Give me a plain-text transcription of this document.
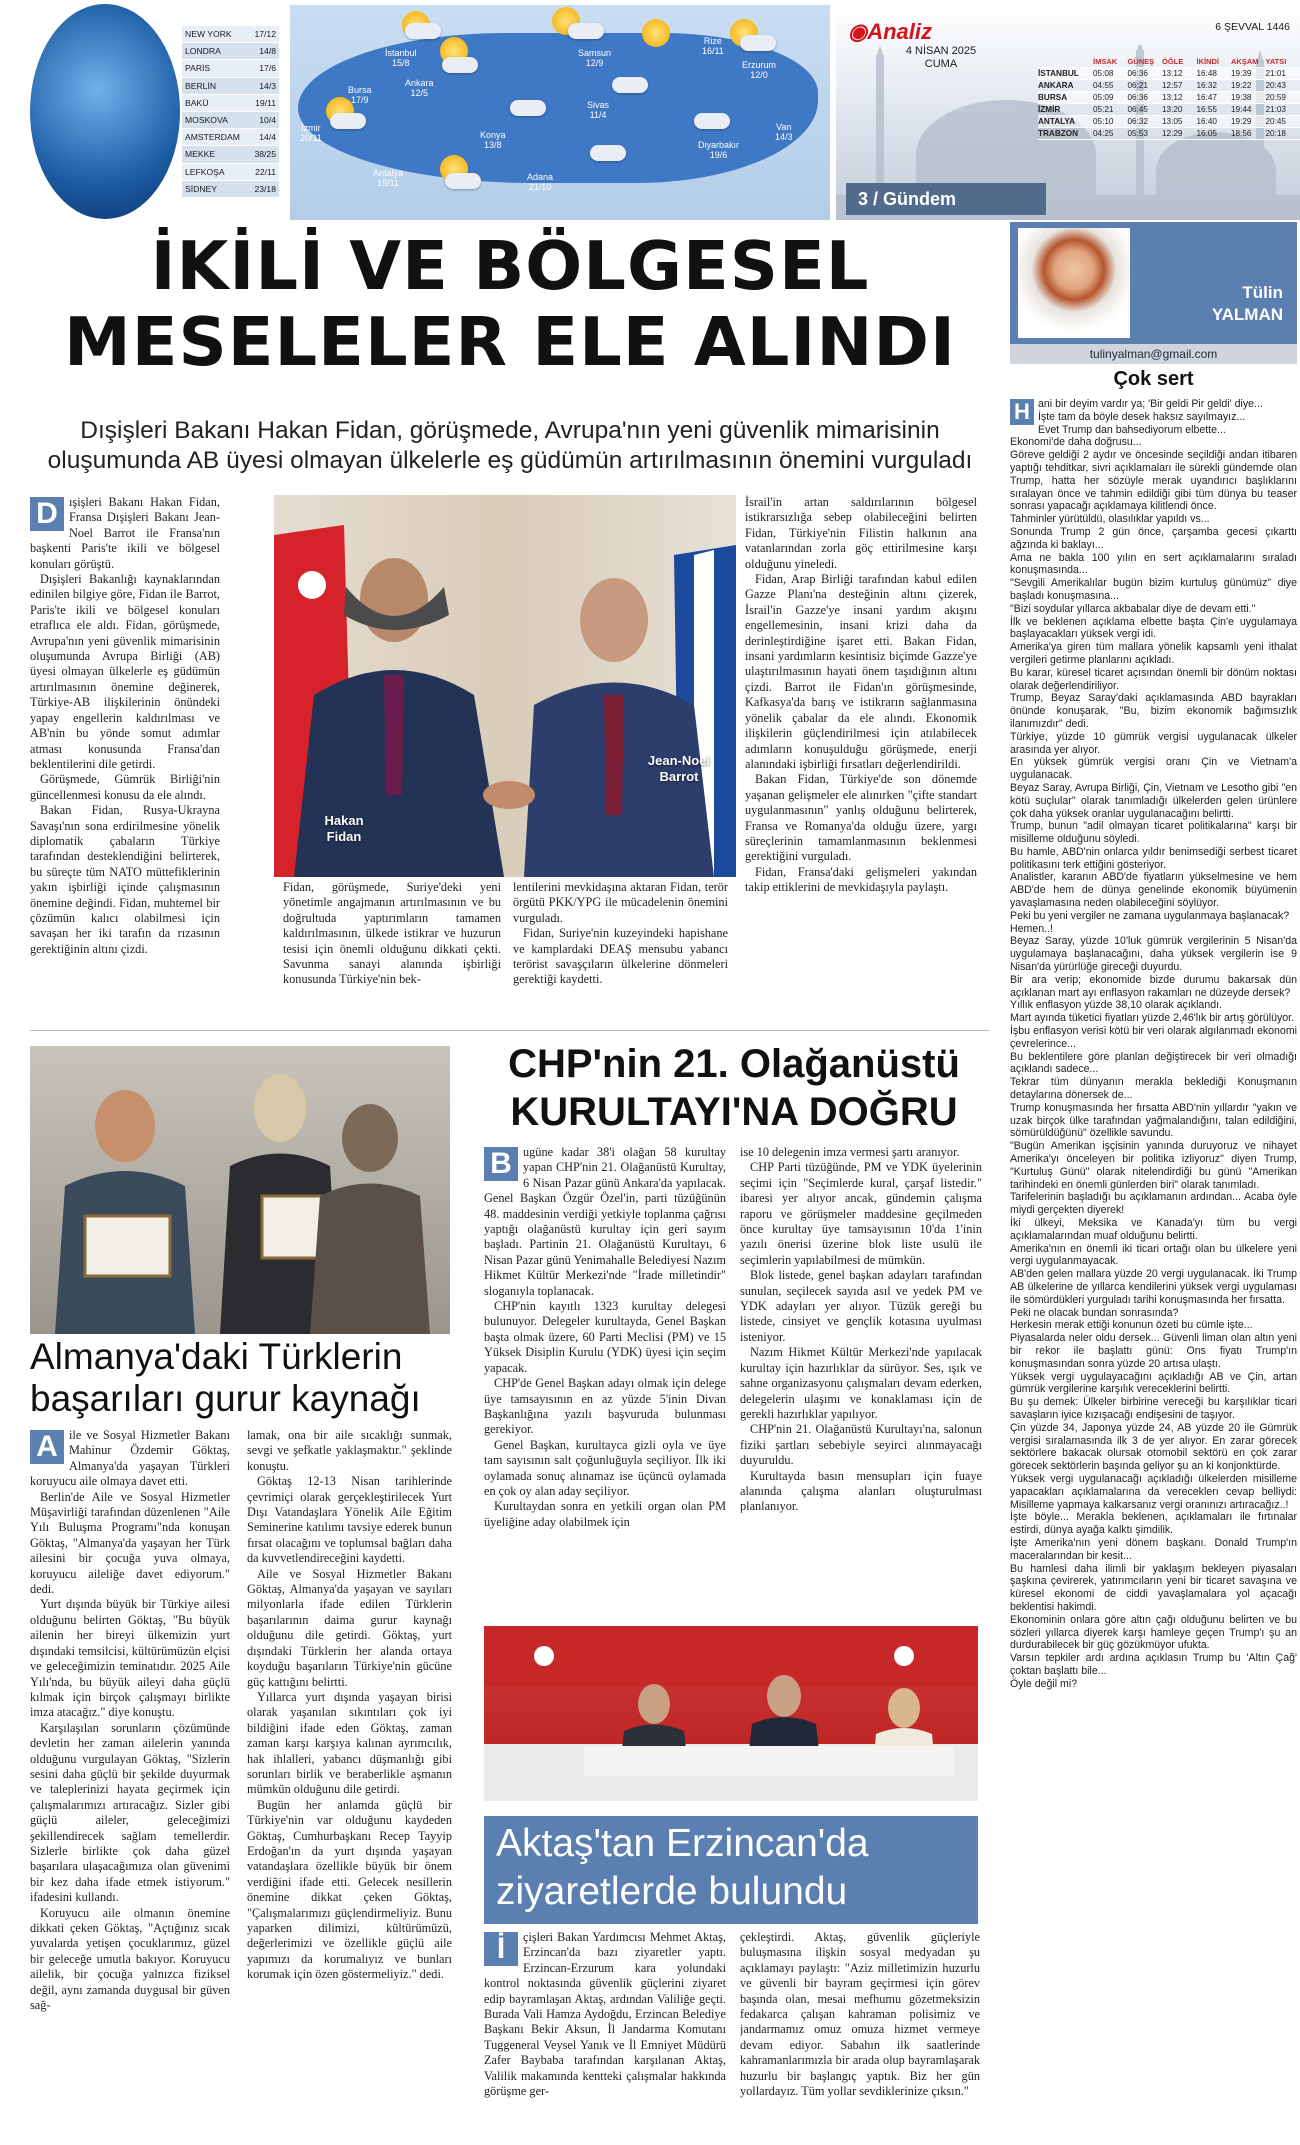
NEW YORK	17/12
LONDRA	14/8
PARİS	17/6
BERLİN	14/3
BAKÜ	19/11
MOSKOVA	10/4
AMSTERDAM 14/4
MEKKE	38/25
LEFKOŞA	22/11
SİDNEY	23/18
İstanbul
15/8
Ankara
12/5
Bursa
17/9
İzmir
20/11
Samsun
12/9
Rize
16/11
Erzurum
12/0
Sivas
11/4
Konya
13/8
Van
14/3
Diyarbakır
19/6
Adana
21/10
Antalya
19/11
◉Analiz	6 ŞEVVAL 1446
4 NİSAN 2025
CUMA	İMSAK	GÜNEŞ	ÖĞLE	İKİNDİ	AKŞAM YATSI
İSTANBUL	05:08	06:36	13:12	16:48	19:39	21:01
ANKARA	04:55	06:21	12:57	16:32	19:22	20:43
BURSA	05:09	06:36	13:12	16:47	19:38	20:59
İZMİR	05:21	06:45	13:20	16:55	19:44	21:03
ANTALYA	05:10	06:32	13:05	16:40	19:29	20:45
TRABZON	04:25	05:53	12:29	16:05	18:56	20:18
3 / Gündem
İKİLİ VE BÖLGESEL
MESELELER ELE ALINDI
Dışişleri Bakanı Hakan Fidan, görüşmede, Avrupa'nın yeni güvenlik mimarisinin oluşumunda AB üyesi olmayan ülkelerle eş güdümün artırılmasının önemini vurguladı

D ışişleri Bakanı Hakan Fidan, Fransa Dışişleri Bakanı Jean-Noel Barrot ile Fransa'nın başkenti Paris'te ikili ve bölgesel konuları görüştü.

Dışişleri Bakanlığı kaynaklarından edinilen bilgiye göre, Fidan ile Barrot, Paris'te ikili ve bölgesel konuları etraflıca ele aldı. Fidan, görüşmede, Avrupa'nın yeni güvenlik mimarisinin oluşumunda Avrupa Birliği (AB) üyesi olmayan ülkelerle eş güdümün artırılmasının önemine değinerek, Türkiye-AB ilişkilerinin önündeki yapay engellerin kaldırılması ve AB'nin bu yönde somut adımlar atması konusunda Fransa'dan beklentilerini dile getirdi.

Görüşmede, Gümrük Birliği'nin güncellenmesi konusu da ele alındı.

Bakan Fidan, Rusya-Ukrayna Savaşı'nın sona erdirilmesine yönelik diplomatik çabaların Türkiye tarafından desteklendiğini belirterek, bu süreçte tüm NATO müttefiklerinin yakın işbirliği içinde çalışmasının önemine değindi. Fidan, muhtemel bir çözümün kalıcı olabilmesi için savaşan her iki tarafın da rızasının gerektiğinin altını çizdi.

Hakan
Fidan
Jean-Noel
Barrot

Fidan, görüşmede, Suriye'deki yeni yönetimle angajmanın artırılmasının ve bu doğrultuda yaptırımların tamamen kaldırılmasının, ülkede istikrar ve huzurun tesisi için önemli olduğunu dikkati çekti. Savunma sanayi alanında işbirliği konusunda Türkiye'nin bek-

lentilerini mevkidaşına aktaran Fidan, terör örgütü PKK/YPG ile mücadelenin önemini vurguladı.

Fidan, Suriye'nin kuzeyindeki hapishane ve kamplardaki DEAŞ mensubu yabancı terörist savaşçıların ülkelerine dönmeleri gerektiği kaydetti.

İsrail'in artan saldırılarının bölgesel istikrarsızlığa sebep olabileceğini belirten Fidan, Türkiye'nin Filistin halkının ana vatanlarından zorla göç ettirilmesine karşı olduğunu yineledi.

Fidan, Arap Birliği tarafından kabul edilen Gazze Planı'na desteğinin altını çizerek, İsrail'in Gazze'ye insani yardım akışını engellemesinin, insani krizi daha da derinleştirdiğine işaret etti. Bakan Fidan, insani yardımların kesintisiz biçimde Gazze'ye ulaştırılmasının hayati önem taşıdığının altını çizdi. Barrot ile Fidan'ın görüşmesinde, Kafkasya'da barış ve istikrarın sağlanmasına yönelik çabalar da ele alındı. Ekonomik ilişkilerin güçlendirilmesi için atılabilecek adımların konuşulduğu görüşmede, enerji alanındaki işbirliği fırsatları değerlendirildi.

Bakan Fidan, Türkiye'de son dönemde yaşanan gelişmeler ele alınırken "çifte standart uygulanmasının" yanlış olduğunu belirterek, Fransa ve Romanya'da olduğu üzere, yargı süreçlerinin tamamlanmasının beklenmesi gerektiğini vurguladı.

Fidan, Fransa'daki gelişmeleri yakından takip ettiklerini de mevkidaşıyla paylaştı.

Almanya'daki Türklerin başarıları gurur kaynağı

A ile ve Sosyal Hizmetler Bakanı Mahinur Özdemir Göktaş, Almanya'da yaşayan Türkleri koruyucu aile olmaya davet etti.

Berlin'de Aile ve Sosyal Hizmetler Müşavirliği tarafından düzenlenen "Aile Yılı Buluşma Programı"nda konuşan Göktaş, "Almanya'da yaşayan her Türk ailesini bir çocuğa yuva olmaya, koruyucu aileliğe davet ediyorum." dedi.

Yurt dışında büyük bir Türkiye ailesi olduğunu belirten Göktaş, "Bu büyük ailenin her bireyi ülkemizin yurt dışındaki temsilcisi, kültürümüzün elçisi ve geleceğimizin teminatıdır. 2025 Aile Yılı'nda, bu büyük aileyi daha güçlü kılmak için birçok çalışmayı birlikte imza atacağız." diye konuştu.

Karşılaşılan sorunların çözümünde devletin her zaman ailelerin yanında olduğunu vurgulayan Göktaş, "Sizlerin sesini daha güçlü bir şekilde duyurmak ve taleplerinizi hayata geçirmek için çalışmalarımızı artıracağız. Sizler gibi güçlü aileler, geleceğimizi şekillendirecek sağlam temellerdir. Sizlerle birlikte çok daha güzel başarılara ulaşacağımıza olan güvenimi bir kez daha ifade etmek istiyorum." ifadesini kullandı.

Koruyucu aile olmanın önemine dikkati çeken Göktaş, "Açtığınız sıcak yuvalarda yetişen çocuklarımız, güzel bir geleceğe umutla bakıyor. Koruyucu ailelik, bir çocuğa yalnızca fiziksel değil, aynı zamanda duygusal bir güven sağ-

lamak, ona bir aile sıcaklığı sunmak, sevgi ve şefkatle yaklaşmaktır." şeklinde konuştu.

Göktaş 12-13 Nisan tarihlerinde çevrimiçi olarak gerçekleştirilecek Yurt Dışı Vatandaşlara Yönelik Aile Eğitim Seminerine katılımı tavsiye ederek bunun fırsat olacağını ve toplumsal bağları daha da kuvvetlendireceğini kaydetti.

Aile ve Sosyal Hizmetler Bakanı Göktaş, Almanya'da yaşayan ve sayıları milyonlarla ifade edilen Türklerin başarılarının daima gurur kaynağı olduğunu dile getirdi. Göktaş, yurt dışındaki Türklerin her alanda ortaya koyduğu başarıların Türkiye'nin gücüne güç kattığını belirtti.

Yıllarca yurt dışında yaşayan birisi olarak yaşanılan sıkıntıları çok iyi bildiğini ifade eden Göktaş, zaman zaman karşı karşıya kalınan ayrımcılık, hak ihlalleri, yabancı düşmanlığı gibi sorunları birlik ve beraberlikle aşmanın mümkün olduğunu dile getirdi.

Bugün her anlamda güçlü bir Türkiye'nin var olduğunu kaydeden Göktaş, Cumhurbaşkanı Recep Tayyip Erdoğan'ın da yurt dışında yaşayan vatandaşlara özellikle büyük bir önem verdiğini ifade etti. Gelecek nesillerin önemine dikkat çeken Göktaş, "Çalışmalarımızı güçlendirmeliyiz. Bunu yaparken dilimizi, kültürümüzü, değerlerimizi ve özellikle güçlü aile yapımızı da korumalıyız ve bunları korumak için özen göstermeliyiz." dedi.

CHP'nin 21. Olağanüstü KURULTAYI'NA DOĞRU

B ugüne kadar 38'i olağan 58 kurultay yapan CHP'nin 21. Olağanüstü Kurultay, 6 Nisan Pazar günü Ankara'da yapılacak. Genel Başkan Özgür Özel'in, parti tüzüğünün 48. maddesinin verdiği yetkiyle toplanma çağrısı yaptığı olağanüstü kurultay için geri sayım başladı. Partinin 21. Olağanüstü Kurultayı, 6 Nisan Pazar günü Yenimahalle Belediyesi Nazım Hikmet Kültür Merkezi'nde "İrade milletindir" sloganıyla toplanacak.

CHP'nin kayıtlı 1323 kurultay delegesi bulunuyor. Delegeler kurultayda, Genel Başkan başta olmak üzere, 60 Parti Meclisi (PM) ve 15 Yüksek Disiplin Kurulu (YDK) üyesi için seçim yapacak.

CHP'de Genel Başkan adayı olmak için delege üye tamsayısının en az yüzde 5'inin Divan Başkanlığına yazılı başvuruda bulunması gerekiyor.

Genel Başkan, kurultayca gizli oyla ve üye tam sayısının salt çoğunluğuyla seçiliyor. İlk iki oylamada sonuç alınamaz ise üçüncü oylamada en çok oy alan aday seçiliyor.

Kurultaydan sonra en yetkili organ olan PM üyeliğine aday olabilmek için

ise 10 delegenin imza vermesi şartı aranıyor.

CHP Parti tüzüğünde, PM ve YDK üyelerinin seçimi için "Seçimlerde kural, çarşaf listedir." ibaresi yer alıyor ancak, gündemin çalışma raporu ve görüşmeler maddesine geçilmeden önce kurultay üye tamsayısının 10'da 1'inin yazılı önerisi üzerine blok liste usulü ile seçimlerin yapılabilmesi de mümkün.

Blok listede, genel başkan adayları tarafından sunulan, seçilecek sayıda asıl ve yedek PM ve YDK adayları yer alıyor. Tüzük gereği bu listede, cinsiyet ve gençlik kotasına uyulması isteniyor.

Nazım Hikmet Kültür Merkezi'nde yapılacak kurultay için hazırlıklar da sürüyor. Ses, ışık ve sahne organizasyonu çalışmaları devam ederken, delegelerin ulaşımı ve konaklaması için de gerekli hazırlıklar yapılıyor.

CHP'nin 21. Olağanüstü Kurultayı'na, salonun fiziki şartları sebebiyle seyirci alınmayacağı duyuruldu.

Kurultayda basın mensupları için fuaye alanında çalışma alanları oluşturulması planlanıyor.

Aktaş'tan Erzincan'da ziyaretlerde bulundu

İ	çişleri Bakan Yardımcısı Mehmet Aktaş, Erzincan'da bazı ziyaretler yaptı. Erzincan-Erzurum kara yolundaki kontrol noktasında güvenlik güçlerini ziyaret edip bayramlaşan Aktaş, ardından Valiliğe geçti. Burada Vali Hamza Aydoğdu, Erzincan Belediye Başkanı Bekir Aksun, İl Jandarma Komutanı Tuggeneral Veysel Yanık ve İl Emniyet Müdürü Zafer Baybaba tarafından karşılanan Aktaş, Valilik makamında kentteki çalışmalar hakkında görüşme ger-

çekleştirdi. Aktaş, güvenlik güçleriyle buluşmasına ilişkin sosyal medyadan şu açıklamayı paylaştı: "Aziz milletimizin huzurlu ve güvenli bir bayram geçirmesi için görev başında olan, mesai mefhumu gözetmeksizin fedakarca çalışan kahraman polisimiz ve jandarmamız omuz omuza hizmet vermeye devam ediyor. Sabahın ilk saatlerinde kahramanlarımızla bir arada olup bayramlaşarak huzurlu bir başlangıç yaptık. Biz her gün yollardayız. Tüm yollar sevdiklerinize çıksın."

Tülin
YALMAN
tulinyalman@gmail.com
Çok sert

H ani bir deyim vardır ya; 'Bir geldi Pir geldi' diye...

İşte tam da böyle desek haksız sayılmayız...

Evet Trump dan bahsediyorum elbette...

Ekonomi'de daha doğrusu...

Göreve geldiği 2 aydır ve öncesinde seçildiği andan itibaren yaptığı tehditkar, sivri açıklamaları ile sürekli gündemde olan Trump, hatta her sözüyle merak uyandırıcı başlıklarını sıralayan önce ve tahmin edildiği gibi tüm dünya bu teaser sonrası yapacağı açıklamaya kilitlendi önce.

Tahminler yürütüldü, olasılıklar yapıldı vs...

Sonunda Trump 2 gün önce, çarşamba gecesi çıkarttı ağzında ki baklayı...

Ama ne bakla 100 yılın en sert açıklamalarını sıraladı konuşmasında...

"Sevgili Amerikalılar bugün bizim kurtuluş günümüz" diye başladı konuşmasına...

"Bizi soydular yıllarca akbabalar diye de devam etti."

İlk ve beklenen açıklama elbette başta Çin'e uygulamaya başlayacakları yüksek vergi idi.

Amerika'ya giren tüm mallara yönelik kapsamlı yeni ithalat vergileri getirme planlarını açıkladı.

Bu karar, küresel ticaret açısından önemli bir dönüm noktası olarak değerlendiriliyor.

Trump, Beyaz Saray'daki açıklamasında ABD bayrakları önünde konuşarak, "Bu, bizim ekonomik bağımsızlık ilanımızdır" dedi.

Türkiye, yüzde 10 gümrük vergisi uygulanacak ülkeler arasında yer alıyor.

En yüksek gümrük vergisi oranı Çin ve Vietnam'a uygulanacak.

Beyaz Saray, Avrupa Birliği, Çin, Vietnam ve Lesotho gibi "en kötü suçlular" olarak tanımladığı ülkelerden gelen ürünlere çok daha yüksek oranlar uygulanacağını belirtti.

Trump, bunun "adil olmayan ticaret politikalarına" karşı bir misilleme olduğunu söyledi.

Bu hamle, ABD'nin onlarca yıldır benimsediği serbest ticaret politikasını terk ettiğini gösteriyor.

Analistler, karanın ABD'de fiyatların yükselmesine ve hem ABD'de hem de dünya genelinde ekonomik büyümenin yavaşlamasına neden olabileceğini söylüyor.

Peki bu yeni vergiler ne zamana uygulanmaya başlanacak?

Hemen..!

Beyaz Saray, yüzde 10'luk gümrük vergilerinin 5 Nisan'da uygulamaya başlanacağını, daha yüksek vergilerin ise 9 Nisan'da yürürlüğe gireceği duyurdu.

Bir ara verip; ekonomide bizde durumu bakarsak dün açıklanan mart ayı enflasyon rakamları ne düzeyde dersek?

Yıllık enflasyon yüzde 38,10 olarak açıklandı.

Mart ayında tüketici fiyatları yüzde 2,46'lık bir artış görülüyor.

İşbu enflasyon verisi kötü bir veri olarak algılanmadı ekonomi çevrelerince...

Bu beklentilere göre planlan değiştirecek bir veri olmadığı açıklandı sadece...

Tekrar tüm dünyanın merakla beklediği Konuşmanın detaylarına dönersek de...

Trump konuşmasında her fırsatta ABD'nin yıllardır "yakın ve uzak birçok ülke tarafından yağmalandığını, talan edildiğini, sömürüldüğünü" özellikle savundu.

"Bugün Amerikan işçisinin yanında duruyoruz ve nihayet Amerika'yı önceleyen bir politika izliyoruz" diyen Trump, "Kurtuluş Günü" olarak nitelendirdiği bu günü "Amerikan tarihindeki en önemli günlerden biri" olarak tanımladı.

Tarifelerinin başladığı bu açıklamanın ardından... Acaba öyle miydi gerçekten diyerek!

İki ülkeyi, Meksika ve Kanada'yı tüm bu vergi açıklamalarından muaf olduğunu belirtti.

Amerika'nın en önemli iki ticari ortağı olan bu ülkelere yeni vergi uygulanmayacak.

AB'den gelen mallara yüzde 20 vergi uygulanacak. İki Trump AB ülkelerine de yıllarca kendilerini yüksek vergi uygulaması ile sömürdükleri yurguladı tarihi konuşmasında her fırsatta.

Peki ne olacak bundan sonrasında?

Herkesin merak ettiği konunun özeti bu cümle işte...

Piyasalarda neler oldu dersek... Güvenli liman olan altın yeni bir rekor ile başlattı günü: Ons fiyatı Trump'ın konuşmasından sonra yüzde 20 artısa ulaştı.

Yüksek vergi uygulayacağını açıkladığı AB ve Çin, artan gümrük vergilerine karşılık vereceklerini belirtti.

Bu şu demek: Ülkeler birbirine vereceği bu karşılıklar ticari savaşların iyice kızışacağı endişesini de taşıyor.

Çin yüzde 34, Japonya yüzde 24, AB yüzde 20 ile Gümrük vergisi sıralamasında ilk 3 de yer alıyor. En zarar görecek sektörlere bakacak olursak otomobil sektörü en çok zarar görecek sektörlerin başında geliyor şu an ki konjonktürde.

Yüksek vergi uygulanacağı açıkladığı ülkelerden misilleme yapacakları açıklamalarına da vereceklerı cevap belliydi: Misilleme yapmaya kalkarsanız vergi oranınızı artıracağız..!

İşte böyle... Merakla beklenen, açıklamaları ile fırtınalar estirdi, dünya ayağa kalktı şimdilik.

İşte Amerika'nın yeni dönem başkanı. Donald Trump'ın maceralarından bir kesit...

Bu hamlesi daha ilimli bir yaklaşım bekleyen piyasaları şaşkına çevirerek, yatırımcıların yeni bir ticaret savaşına ve küresel ekonomi de ciddi yavaşlamalara yol açacağı beklentisi hakimdi.

Ekonominin onlara göre altın çağı olduğunu belirten ve bu sözleri yıllarca diyerek karşı hamleye geçen Trump'ı şu an durdurabilecek bir güç gözükmüyor ufukta.

Varsın tepkiler ardı ardına açıklasın Trump bu 'Altın Çağ' çoktan başlattı bile...

Öyle değil mi?
